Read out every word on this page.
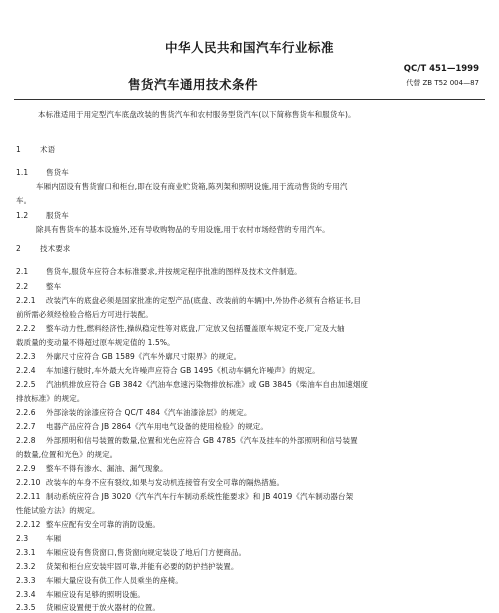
中华人民共和国汽车行业标准
QC/T 451—1999
售货汽车通用技术条件	代替 ZB T52 004—87
本标准适用于用定型汽车底盘改装的售货汽车和农村服务型货汽车(以下简称售货车和服货车)。
1	术语
1.1 售货车
车厢内固设有售货窗口和柜台,即在设有商业贮货箱,陈列架和照明设施,用于流动售货的专用汽
车。
1.2 服货车
除具有售货车的基本设施外,还有导收购物品的专用设施,用于农村市场经营的专用汽车。
2	技术要求
2.1 售货车,服货车应符合本标准要求,并按规定程序批准的图样及技术文件制造。
2.2 整车
2.2.1 改装汽车的底盘必须是国家批准的定型产品(底盘、改装前的车辆)中,外协件必须有合格证书,目
前所需必须经检验合格后方可进行装配。
2.2.2 整车动力性,燃料经济性,操纵稳定性等对底盘,厂定放又包括覆盖原车规定不变,厂定及大轴
载质量的变动量不得超过原车规定值的 1.5%。
2.2.3 外廓尺寸应符合 GB 1589《汽车外廓尺寸限界》的规定。
2.2.4 车加速行驶时,车外最大允许噪声应符合 GB 1495《机动车辆允许噪声》的规定。
2.2.5 汽油机排放应符合 GB 3842《汽油车怠速污染物排放标准》或 GB 3845《柴油车自由加速烟度
排放标准》的规定。
2.2.6 外部涂装的涂漆应符合 QC/T 484《汽车油漆涂层》的规定。
2.2.7 电器产品应符合 JB 2864《汽车用电气设备的使用检验》的规定。
2.2.8 外部照明和信号装置的数量,位置和光色应符合 GB 4785《汽车及挂车的外部照明和信号装置
的数量,位置和光色》的规定。
2.2.9 整车不得有渗水、漏油、漏气现象。
2.2.10 改装车的车身不应有裂纹,如果与发动机连接管有安全可靠的隔热措施。
2.2.11 制动系统应符合 JB 3020《汽车汽车行车制动系统性能要求》和 JB 4019《汽车制动器台架
性能试验方法》的规定。
2.2.12 整车应配有安全可靠的消防设施。
2.3 车厢
2.3.1 车厢应设有售货窗口,售货窗向规定装设了地后门方便商品。
2.3.2 货架和柜台应安装牢固可靠,并能有必要的防护挡护装置。
2.3.3 车厢大量应设有供工作人员乘坐的座椅。
2.3.4 车厢应设有足够的照明设施。
2.3.5 货厢应设置便于放火器材的位置。
